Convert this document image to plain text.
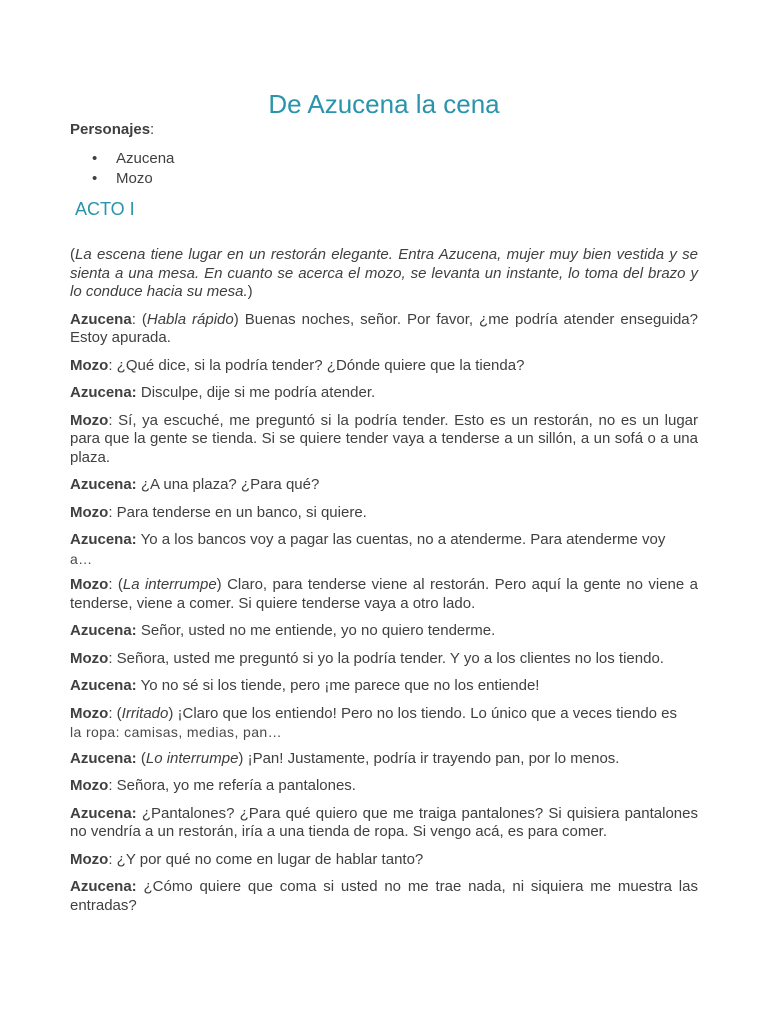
De Azucena la cena
Personajes:
• Azucena
• Mozo
ACTO I

(La escena tiene lugar en un restorán elegante. Entra Azucena, mujer muy bien vestida y se sienta a una mesa. En cuanto se acerca el mozo, se levanta un instante, lo toma del brazo y lo conduce hacia su mesa.)

Azucena: (Habla rápido) Buenas noches, señor. Por favor, ¿me podría atender enseguida? Estoy apurada.

Mozo: ¿Qué dice, si la podría tender? ¿Dónde quiere que la tienda?

Azucena: Disculpe, dije si me podría atender.

Mozo: Sí, ya escuché, me preguntó si la podría tender. Esto es un restorán, no es un lugar para que la gente se tienda. Si se quiere tender vaya a tenderse a un sillón, a un sofá o a una plaza.

Azucena: ¿A una plaza? ¿Para qué?

Mozo: Para tenderse en un banco, si quiere.

Azucena: Yo a los bancos voy a pagar las cuentas, no a atenderme. Para atenderme voy
a…

Mozo: (La interrumpe) Claro, para tenderse viene al restorán. Pero aquí la gente no viene a tenderse, viene a comer. Si quiere tenderse vaya a otro lado.

Azucena: Señor, usted no me entiende, yo no quiero tenderme.

Mozo: Señora, usted me preguntó si yo la podría tender. Y yo a los clientes no los tiendo.

Azucena: Yo no sé si los tiende, pero ¡me parece que no los entiende!

Mozo: (Irritado) ¡Claro que los entiendo! Pero no los tiendo. Lo único que a veces tiendo es
la ropa: camisas, medias, pan…

Azucena: (Lo interrumpe) ¡Pan! Justamente, podría ir trayendo pan, por lo menos.

Mozo: Señora, yo me refería a pantalones.

Azucena: ¿Pantalones? ¿Para qué quiero que me traiga pantalones? Si quisiera pantalones no vendría a un restorán, iría a una tienda de ropa. Si vengo acá, es para comer.

Mozo: ¿Y por qué no come en lugar de hablar tanto?

Azucena: ¿Cómo quiere que coma si usted no me trae nada, ni siquiera me muestra las entradas?
